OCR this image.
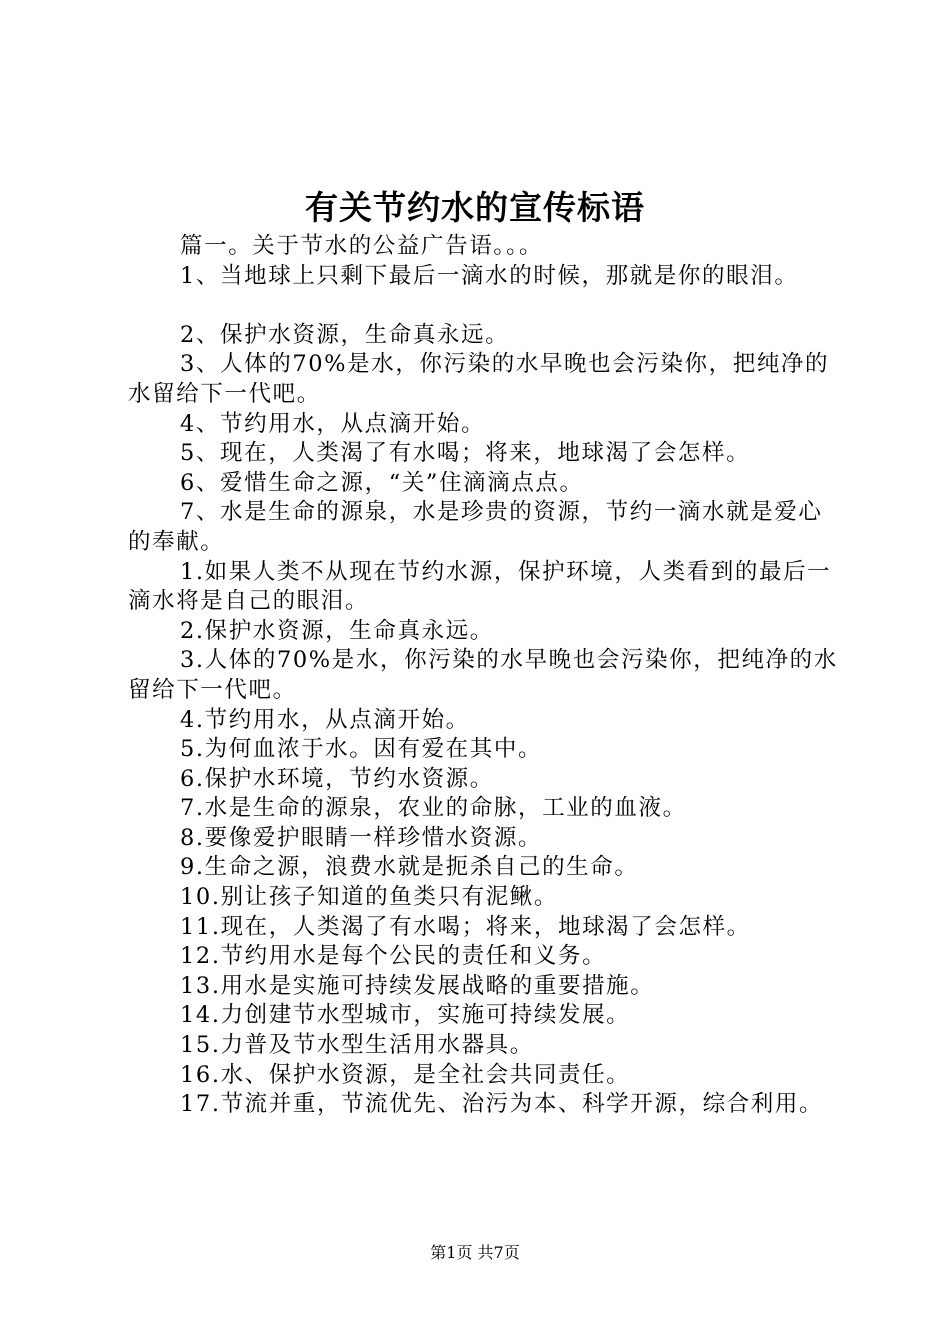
有关节约水的宣传标语

篇一。关于节水的公益广告语。。。

1、当地球上只剩下最后一滴水的时候，那就是你的眼泪。

2、保护水资源，生命真永远。

3、人体的70%是水，你污染的水早晚也会污染你，把纯净的水留给下一代吧。

4、节约用水，从点滴开始。

5、现在，人类渴了有水喝；将来，地球渴了会怎样。

6、爱惜生命之源，“关”住滴滴点点。

7、水是生命的源泉，水是珍贵的资源，节约一滴水就是爱心的奉献。

1.如果人类不从现在节约水源，保护环境，人类看到的最后一滴水将是自己的眼泪。

2.保护水资源，生命真永远。

3.人体的70%是水，你污染的水早晚也会污染你，把纯净的水留给下一代吧。

4.节约用水，从点滴开始。

5.为何血浓于水。因有爱在其中。

6.保护水环境，节约水资源。

7.水是生命的源泉，农业的命脉，工业的血液。

8.要像爱护眼睛一样珍惜水资源。

9.生命之源，浪费水就是扼杀自己的生命。

10.别让孩子知道的鱼类只有泥鳅。

11.现在，人类渴了有水喝；将来，地球渴了会怎样。

12.节约用水是每个公民的责任和义务。

13.用水是实施可持续发展战略的重要措施。

14.力创建节水型城市，实施可持续发展。

15.力普及节水型生活用水器具。

16.水、保护水资源，是全社会共同责任。

17.节流并重，节流优先、治污为本、科学开源，综合利用。

第1页 共7页
